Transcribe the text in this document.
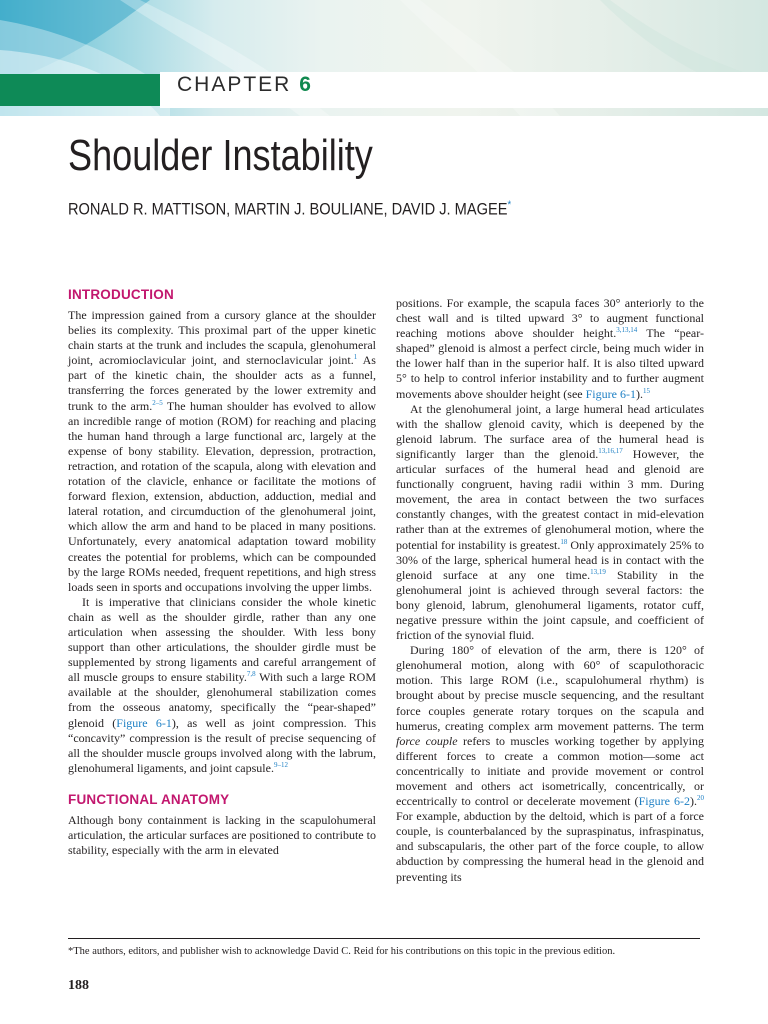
CHAPTER 6
Shoulder Instability
RONALD R. MATTISON, MARTIN J. BOULIANE, DAVID J. MAGEE*
INTRODUCTION

The impression gained from a cursory glance at the shoulder belies its complexity. This proximal part of the upper kinetic chain starts at the trunk and includes the scapula, glenohumeral joint, acromioclavicular joint, and sternoclavicular joint.$^1$ As part of the kinetic chain, the shoulder acts as a funnel, transferring the forces generated by the lower extremity and trunk to the arm.$^{2-5}$ The human shoulder has evolved to allow an incredible range of motion (ROM) for reaching and placing the human hand through a large functional arc, largely at the expense of bony stability. Elevation, depression, protraction, retraction, and rotation of the scapula, along with elevation and rotation of the clavicle, enhance or facilitate the motions of forward flexion, extension, abduction, adduction, medial and lateral rotation, and circumduction of the glenohumeral joint, which allow the arm and hand to be placed in many positions. Unfortunately, every anatomical adaptation toward mobility creates the potential for problems, which can be compounded by the large ROMs needed, frequent repetitions, and high stress loads seen in sports and occupations involving the upper limbs.

It is imperative that clinicians consider the whole kinetic chain as well as the shoulder girdle, rather than any one articulation when assessing the shoulder. With less bony support than other articulations, the shoulder girdle must be supplemented by strong ligaments and careful arrangement of all muscle groups to ensure stability.$^{7,8}$ With such a large ROM available at the shoulder, glenohumeral stabilization comes from the osseous anatomy, specifically the “pear-shaped” glenoid (Figure 6-1), as well as joint compression. This “concavity” compression is the result of precise sequencing of all the shoulder muscle groups involved along with the labrum, glenohumeral ligaments, and joint capsule.$^{9-12}$

FUNCTIONAL ANATOMY

Although bony containment is lacking in the scapulohumeral articulation, the articular surfaces are positioned to contribute to stability, especially with the arm in elevated

positions. For example, the scapula faces 30° anteriorly to the chest wall and is tilted upward 3° to augment functional reaching motions above shoulder height.$^{3,13,14}$ The “pear-shaped” glenoid is almost a perfect circle, being much wider in the lower half than in the superior half. It is also tilted upward 5° to help to control inferior instability and to further augment movements above shoulder height (see Figure 6-1).$^{15}$

At the glenohumeral joint, a large humeral head articulates with the shallow glenoid cavity, which is deepened by the glenoid labrum. The surface area of the humeral head is significantly larger than the glenoid.$^{13,16,17}$ However, the articular surfaces of the humeral head and glenoid are functionally congruent, having radii within 3 mm. During movement, the area in contact between the two surfaces constantly changes, with the greatest contact in mid-elevation rather than at the extremes of glenohumeral motion, where the potential for instability is greatest.$^{18}$ Only approximately 25% to 30% of the large, spherical humeral head is in contact with the glenoid surface at any one time.$^{13,19}$ Stability in the glenohumeral joint is achieved through several factors: the bony glenoid, labrum, glenohumeral ligaments, rotator cuff, negative pressure within the joint capsule, and coefficient of friction of the synovial fluid.

During 180° of elevation of the arm, there is 120° of glenohumeral motion, along with 60° of scapulothoracic motion. This large ROM (i.e., scapulohumeral rhythm) is brought about by precise muscle sequencing, and the resultant force couples generate rotary torques on the scapula and humerus, creating complex arm movement patterns. The term force couple refers to muscles working together by applying different forces to create a common motion—some act concentrically to initiate and provide movement or control movement and others act isometrically, concentrically, or eccentrically to control or decelerate movement (Figure 6-2).$^{20}$ For example, abduction by the deltoid, which is part of a force couple, is counterbalanced by the supraspinatus, infraspinatus, and subscapularis, the other part of the force couple, to allow abduction by compressing the humeral head in the glenoid and preventing its

*The authors, editors, and publisher wish to acknowledge David C. Reid for his contributions on this topic in the previous edition.
188
